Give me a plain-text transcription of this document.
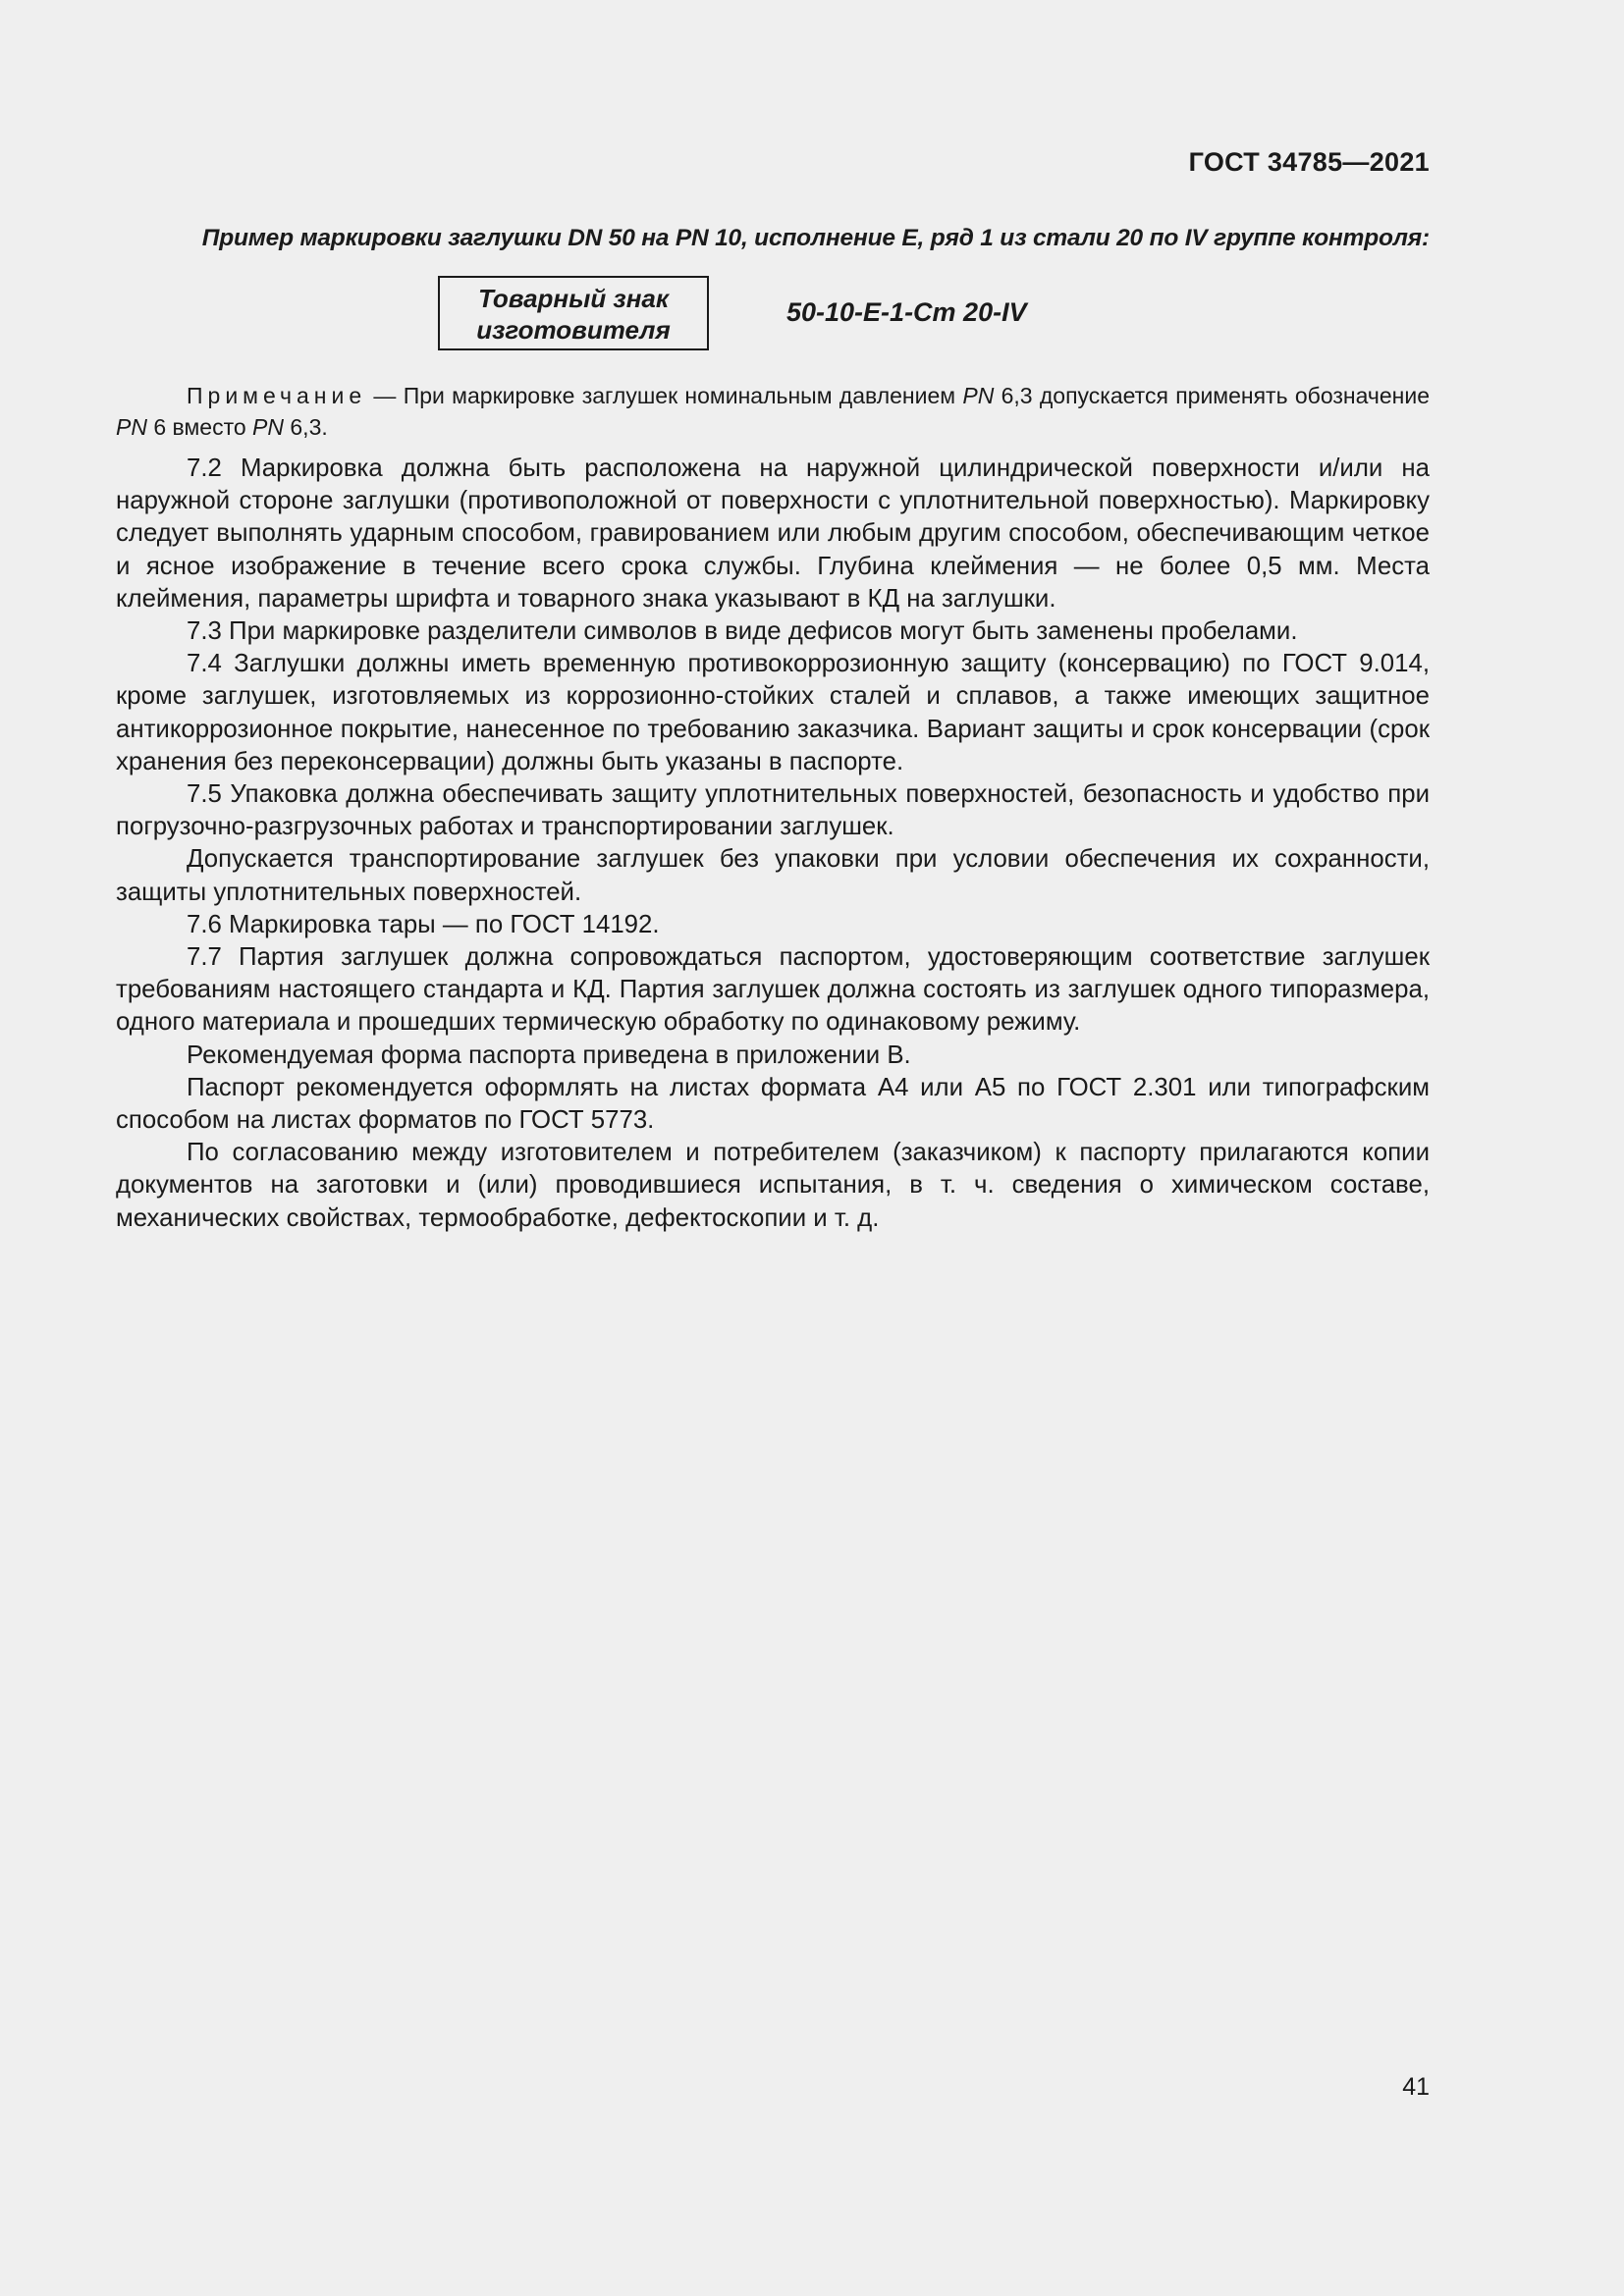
ГОСТ 34785—2021
Пример маркировки заглушки DN 50 на PN 10, исполнение Е, ряд 1 из стали 20 по IV группе контроля:
Товарный знак
изготовителя
50-10-Е-1-Ст 20-IV

Примечание — При маркировке заглушек номинальным давлением PN 6,3 допускается применять обозначение PN 6 вместо PN 6,3.

7.2 Маркировка должна быть расположена на наружной цилиндрической поверхности и/или на наружной стороне заглушки (противоположной от поверхности с уплотнительной поверхностью). Маркировку следует выполнять ударным способом, гравированием или любым другим способом, обеспечивающим четкое и ясное изображение в течение всего срока службы. Глубина клеймения — не более 0,5 мм. Места клеймения, параметры шрифта и товарного знака указывают в КД на заглушки.

7.3 При маркировке разделители символов в виде дефисов могут быть заменены пробелами.

7.4 Заглушки должны иметь временную противокоррозионную защиту (консервацию) по ГОСТ 9.014, кроме заглушек, изготовляемых из коррозионно-стойких сталей и сплавов, а также имеющих защитное антикоррозионное покрытие, нанесенное по требованию заказчика. Вариант защиты и срок консервации (срок хранения без переконсервации) должны быть указаны в паспорте.

7.5 Упаковка должна обеспечивать защиту уплотнительных поверхностей, безопасность и удобство при погрузочно-разгрузочных работах и транспортировании заглушек.

Допускается транспортирование заглушек без упаковки при условии обеспечения их сохранности, защиты уплотнительных поверхностей.

7.6 Маркировка тары — по ГОСТ 14192.

7.7 Партия заглушек должна сопровождаться паспортом, удостоверяющим соответствие заглушек требованиям настоящего стандарта и КД. Партия заглушек должна состоять из заглушек одного типоразмера, одного материала и прошедших термическую обработку по одинаковому режиму.

Рекомендуемая форма паспорта приведена в приложении В.

Паспорт рекомендуется оформлять на листах формата А4 или А5 по ГОСТ 2.301 или типографским способом на листах форматов по ГОСТ 5773.

По согласованию между изготовителем и потребителем (заказчиком) к паспорту прилагаются копии документов на заготовки и (или) проводившиеся испытания, в т. ч. сведения о химическом составе, механических свойствах, термообработке, дефектоскопии и т. д.

41
